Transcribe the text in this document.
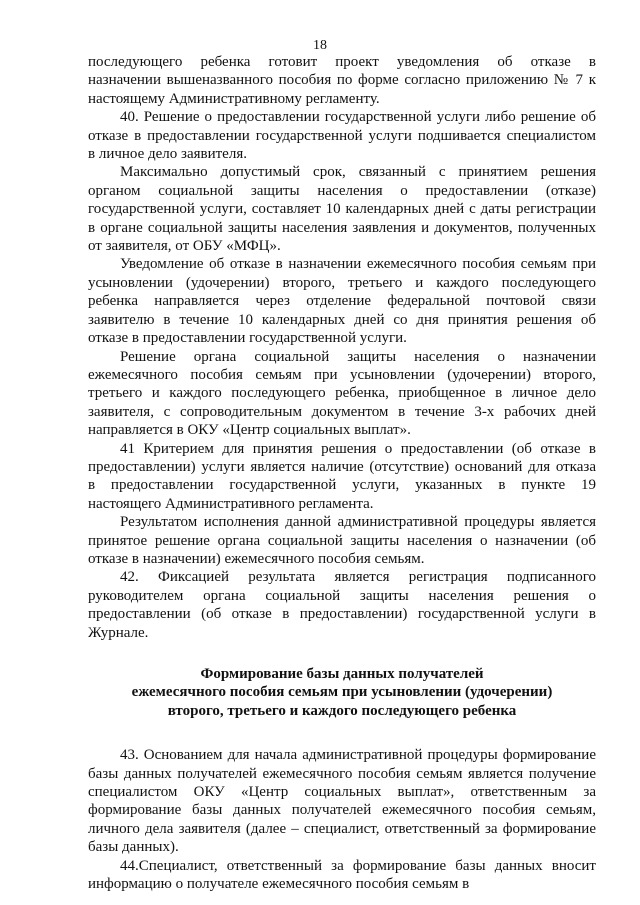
18

последующего ребенка готовит проект уведомления об отказе в
назначении вышеназванного пособия по форме согласно приложению № 7 к
настоящему Административному регламенту.

40. Решение о предоставлении государственной услуги либо решение об
отказе в предоставлении государственной услуги подшивается специалистом
в личное дело заявителя.

Максимально допустимый срок, связанный с принятием решения
органом социальной защиты населения о предоставлении (отказе)
государственной услуги, составляет 10 календарных дней с даты регистрации
в органе социальной защиты населения заявления и документов, полученных
от заявителя, от ОБУ «МФЦ».

Уведомление об отказе в назначении ежемесячного пособия семьям при
усыновлении (удочерении) второго, третьего и каждого последующего
ребенка направляется через отделение федеральной почтовой связи
заявителю в течение 10 календарных дней со дня принятия решения об
отказе в предоставлении государственной услуги.

Решение органа социальной защиты населения о назначении
ежемесячного пособия семьям при усыновлении (удочерении) второго,
третьего и каждого последующего ребенка, приобщенное в личное дело
заявителя, с сопроводительным документом в течение 3-х рабочих дней
направляется в ОКУ «Центр социальных выплат».

41 Критерием для принятия решения о предоставлении (об отказе в
предоставлении) услуги является наличие (отсутствие) оснований для отказа
в предоставлении государственной услуги, указанных в пункте 19
настоящего Административного регламента.

Результатом исполнения данной административной процедуры является
принятое решение органа социальной защиты населения о назначении (об
отказе в назначении) ежемесячного пособия семьям.

42. Фиксацией результата является регистрация подписанного
руководителем органа социальной защиты населения решения о
предоставлении (об отказе в предоставлении) государственной услуги в
Журнале.

Формирование базы данных получателей
ежемесячного пособия семьям при усыновлении (удочерении)
второго, третьего и каждого последующего ребенка

43. Основанием для начала административной процедуры формирование
базы данных получателей ежемесячного пособия семьям является получение
специалистом ОКУ «Центр социальных выплат», ответственным за
формирование базы данных получателей ежемесячного пособия семьям,
личного дела заявителя (далее – специалист, ответственный за формирование
базы данных).

44.Специалист, ответственный за формирование базы данных вносит
информацию о получателе ежемесячного пособия семьям в
